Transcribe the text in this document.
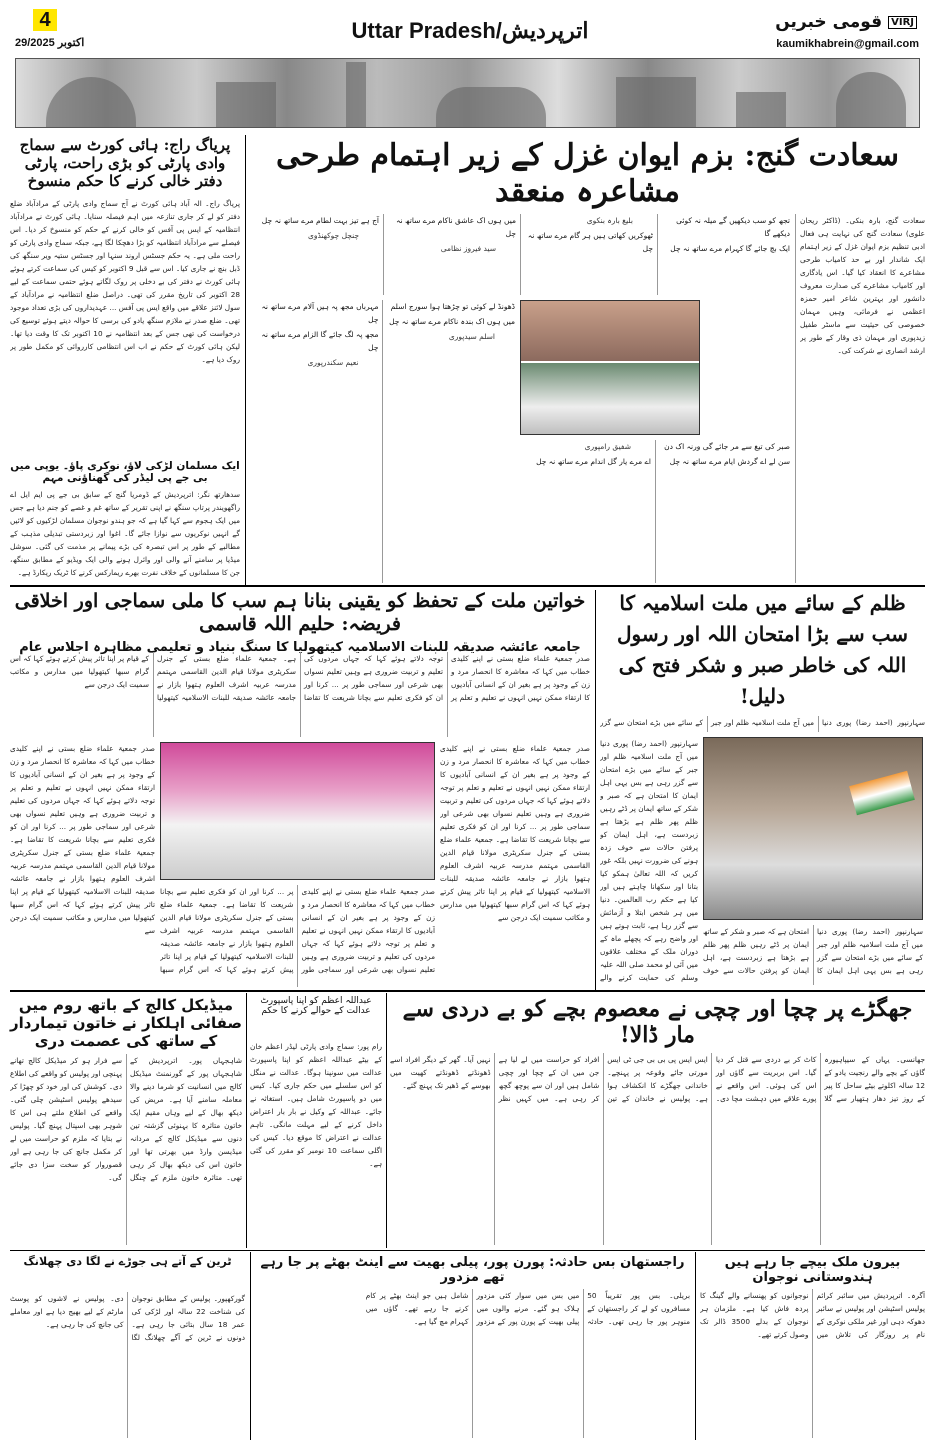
4
29/اکتوبر 2025	Uttar Pradesh/اترپردیش	قومی خبریں VIRJ
kaumikhabrein@gmail.com
پریاگ راج: ہائی کورٹ سے سماج وادی پارٹی کو بڑی راحت، پارٹی دفتر خالی کرنے کا حکم منسوخ
پریاگ راج۔ الہ آباد ہائی کورٹ نے آج سماج وادی پارٹی کے مرادآباد ضلع دفتر کو لے کر جاری تنازعہ میں اہم فیصلہ سنایا۔ ہائی کورٹ نے مرادآباد انتظامیہ کے ایس پی آفس کو خالی کرنے کے حکم کو منسوخ کر دیا۔ اس فیصلے سے مرادآباد انتظامیہ کو بڑا دھچکا لگا ہے، جبکہ سماج وادی پارٹی کو راحت ملی ہے۔ یہ حکم جسٹس اروند سنہا اور جسٹس ستیہ ویر سنگھ کی ڈبل بنچ نے جاری کیا۔ اس سے قبل 9 اکتوبر کو کیس کی سماعت کرتے ہوئے ہائی کورٹ نے دفتر کی بے دخلی پر روک لگاتے ہوئے حتمی سماعت کے لیے 28 اکتوبر کی تاریخ مقرر کی تھی۔ دراصل ضلع انتظامیہ نے مرادآباد کے سول لائنز علاقے میں واقع ایس پی آفس ... عہدیداروں کی بڑی تعداد موجود تھی۔ ضلع صدر نے ملازم سنگھ یادو کی برسی کا حوالہ دیتے ہوئے توسیع کی درخواست کی تھی جس کے بعد انتظامیہ نے 10 اکتوبر تک کا وقت دیا تھا۔ لیکن ہائی کورٹ کے حکم نے اب اس انتظامی کارروائی کو مکمل طور پر روک دیا ہے۔
ایک مسلمان لڑکی لاؤ، نوکری پاؤ۔ یوپی میں بی جے پی لیڈر کی گھناؤنی مہم
سدھارتھ نگر: اترپردیش کے ڈومریا گنج کے سابق بی جے پی ایم ایل اے راگھویندر پرتاپ سنگھ نے اپنی تقریر کے ساتھ غم و غصے کو جنم دیا ہے جس میں ایک ہجوم سے کہا گیا ہے کہ جو ہندو نوجوان مسلمان لڑکیوں کو لائیں گے انہیں نوکریوں سے نوازا جائے گا۔ اغوا اور زبردستی تبدیلی مذہب کے مطالبے کے طور پر اس تبصرہ کی بڑے پیمانے پر مذمت کی گئی۔ سوشل میڈیا پر سامنے آنے والی اور وائرل ہونے والی ایک ویڈیو کے مطابق سنگھ، جن کا مسلمانوں کے خلاف نفرت بھرے ریمارکس کرنے کا ٹریک ریکارڈ ہے۔
سعادت گنج: بزم ایوان غزل کے زیر اہتمام طرحی مشاعرہ منعقد
سعادت گنج، بارہ بنکی۔ (ڈاکٹر ریحان علوی) سعادت گنج کی نہایت ہی فعال ادبی تنظیم بزم ایوان غزل کے زیر اہتمام ایک شاندار اور بے حد کامیاب طرحی مشاعرے کا انعقاد کیا گیا۔ اس یادگاری اور کامیاب مشاعرے کی صدارت معروف دانشور اور بہترین شاعر امیر حمزہ اعظمی نے فرمائی، وہیں مہمان خصوصی کی حیثیت سے ماسٹر طفیل زیدپوری اور مہمان ذی وقار کے طور پر ارشد انصاری نے شرکت کی۔

تجھ کو سب دیکھیں گے میلہ نہ کوئی دیکھے گا

ایک بچ جائے گا کہرام مرے ساتھ نہ چل

بلیغ بارہ بنکوی

ٹھوکریں کھاتی ہیں ہر گام مرے ساتھ نہ چل

میں ہوں اک عاشق ناکام مرے ساتھ نہ چل

سید فیروز نظامی

آج ہے تیز بہت لطام مرے ساتھ نہ چل

چنچل چوکھنڈوی

ڈھونڈ لے کوئی تو چڑھتا ہوا سورج اسلم

میں ہوں اک بندہ ناکام مرے ساتھ نہ چل

اسلم سیدپوری

مہرباں مجھ پہ ہیں آلام مرے ساتھ نہ چل

مجھ پہ لگ جائے گا الزام مرے ساتھ نہ چل

نعیم سکندرپوری

صبر کی تیغ سے مر جائے گی ورنہ اک دن

سن لے اے گردش ایام مرے ساتھ نہ چل

شفیق رامپوری

اے مرے یار گل اندام مرے ساتھ نہ چل

ظلم کے سائے میں ملت اسلامیہ کا سب سے بڑا امتحان اللہ اور رسول اللہ کی خاطر صبر و شکر فتح کی دلیل!
سہارنپور (احمد رضا) پوری دنیا میں آج ملت اسلامیہ ظلم اور جبر کے سائے میں بڑے امتحان سے گزر
سہارنپور (احمد رضا) پوری دنیا میں آج ملت اسلامیہ ظلم اور جبر کے سائے میں بڑے امتحان سے گزر رہی ہے بس یہی اہل ایمان کا امتحان ہے کہ صبر و شکر کے ساتھ ایمان پر ڈٹے رہیں ظلم پھر ظلم ہے بڑھتا ہے زبردست ہے، اہل ایمان کو پرفتن حالات سے خوف زدہ ہونے کی ضرورت نہیں بلکہ غور کریں کہ اللہ تعالیٰ ہمکو کیا بتانا اور سکھانا چاہتے ہیں اور کیا ہے حکم رب العالمین۔ دنیا میں ہر شخص ابتلا و آزمائش سے گزر رہا ہے، ثابت ہوتے ہیں اور واضح رہے کہ پچھلے ماہ کے دوران ملک کے مختلف علاقوں میں آئی لو محمد صلی اللہ علیہ وسلم کی حمایت کرنے والے
سہارنپور (احمد رضا) پوری دنیا میں آج ملت اسلامیہ ظلم اور جبر کے سائے میں بڑے امتحان سے گزر رہی ہے بس یہی اہل ایمان کا امتحان ہے کہ صبر و شکر کے ساتھ ایمان پر ڈٹے رہیں ظلم پھر ظلم ہے بڑھتا ہے زبردست ہے، اہل ایمان کو پرفتن حالات سے خوف
خواتین ملت کے تحفظ کو یقینی بنانا ہم سب کا ملی سماجی اور اخلاقی فریضہ: حلیم اللہ قاسمی
جامعہ عائشہ صدیقہ للبنات الاسلامیہ کیتھولیا کا سنگ بنیاد و تعلیمی مظاہرہ اجلاس عام
صدر جمعیۃ علماء ضلع بستی نے اپنے کلیدی خطاب میں کہا کہ معاشرہ کا انحصار مرد و زن کے وجود پر ہے بغیر ان کے انسانی آبادیوں کا ارتقاء ممکن نہیں انہوں نے تعلیم و تعلم پر توجہ دلاتے ہوئے کہا کہ جہاں مردوں کی تعلیم و تربیت ضروری ہے وہیں تعلیم نسواں بھی شرعی اور سماجی طور پر ... کرنا اور ان کو فکری تعلیم سے بچانا شریعت کا تقاضا ہے۔ جمعیۃ علماء ضلع بستی کے جنرل سکریٹری مولانا قیام الدین القاسمی مہتمم مدرسہ عربیہ اشرف العلوم ہتھوا بازار نے جامعہ عائشہ صدیقہ للبنات الاسلامیہ کیتھولیا کے قیام پر اپنا تاثر پیش کرتے ہوئے کہا کہ اس گرام سبھا کیتھولیا میں مدارس و مکاتب سمیت ایک درجن سے
صدر جمعیۃ علماء ضلع بستی نے اپنے کلیدی خطاب میں کہا کہ معاشرہ کا انحصار مرد و زن کے وجود پر ہے بغیر ان کے انسانی آبادیوں کا ارتقاء ممکن نہیں انہوں نے تعلیم و تعلم پر توجہ دلاتے ہوئے کہا کہ جہاں مردوں کی تعلیم و تربیت ضروری ہے وہیں تعلیم نسواں بھی شرعی اور سماجی طور پر ... کرنا اور ان کو فکری تعلیم سے بچانا شریعت کا تقاضا ہے۔ جمعیۃ علماء ضلع بستی کے جنرل سکریٹری مولانا قیام الدین القاسمی مہتمم مدرسہ عربیہ اشرف العلوم ہتھوا بازار نے جامعہ عائشہ صدیقہ للبنات الاسلامیہ کیتھولیا کے قیام پر اپنا تاثر پیش کرتے ہوئے کہا کہ اس گرام سبھا کیتھولیا میں مدارس و مکاتب سمیت ایک درجن سے
صدر جمعیۃ علماء ضلع بستی نے اپنے کلیدی خطاب میں کہا کہ معاشرہ کا انحصار مرد و زن کے وجود پر ہے بغیر ان کے انسانی آبادیوں کا ارتقاء ممکن نہیں انہوں نے تعلیم و تعلم پر توجہ دلاتے ہوئے کہا کہ جہاں مردوں کی تعلیم و تربیت ضروری ہے وہیں تعلیم نسواں بھی شرعی اور سماجی طور پر ... کرنا اور ان کو فکری تعلیم سے بچانا شریعت کا تقاضا ہے۔ جمعیۃ علماء ضلع بستی کے جنرل سکریٹری مولانا قیام الدین القاسمی مہتمم مدرسہ عربیہ اشرف العلوم ہتھوا بازار نے جامعہ عائشہ صدیقہ للبنات الاسلامیہ کیتھولیا کے قیام پر اپنا تاثر پیش کرتے ہوئے کہا کہ اس گرام سبھا کیتھولیا میں مدارس و مکاتب سمیت ایک درجن سے
صدر جمعیۃ علماء ضلع بستی نے اپنے کلیدی خطاب میں کہا کہ معاشرہ کا انحصار مرد و زن کے وجود پر ہے بغیر ان کے انسانی آبادیوں کا ارتقاء ممکن نہیں انہوں نے تعلیم و تعلم پر توجہ دلاتے ہوئے کہا کہ جہاں مردوں کی تعلیم و تربیت ضروری ہے وہیں تعلیم نسواں بھی شرعی اور سماجی طور پر ... کرنا اور ان کو فکری تعلیم سے بچانا شریعت کا تقاضا ہے۔ جمعیۃ علماء ضلع بستی کے جنرل سکریٹری مولانا قیام الدین القاسمی مہتمم مدرسہ عربیہ اشرف العلوم ہتھوا بازار نے جامعہ عائشہ صدیقہ للبنات الاسلامیہ کیتھولیا کے قیام پر اپنا تاثر پیش کرتے ہوئے کہا کہ اس گرام سبھا
جھگڑے پر چچا اور چچی نے معصوم بچے کو بے دردی سے مار ڈالا!
جھانسی۔ یہاں کے سیپاہیورہ گاؤں کے بچے والے رنجیت یادو کے 12 سالہ اکلوتے بیٹے ساحل کا پیر کے روز تیز دھار ہتھیار سے گلا کاٹ کر بے دردی سے قتل کر دیا گیا۔ اس بربریت سے گاؤں اور اس کی ہوئی۔ اس واقعے نے پورے علاقے میں دہشت مچا دی۔ ایس ایس پی بی بی جی ٹی ایس مورتی جائے وقوعہ پر پہنچے۔ خاندانی جھگڑے کا انکشاف ہوا ہے۔ پولیس نے خاندان کے تین افراد کو حراست میں لے لیا ہے جن میں ان کے چچا اور چچی شامل ہیں اور ان سے پوچھ گچھ کر رہی ہے۔ میں کہیں نظر نہیں آیا۔ گھر کے دیگر افراد اسے ڈھونڈتے ڈھونڈتے کھیت میں بھوسے کے ڈھیر تک پہنچ گئے۔
عبداللہ اعظم کو اپنا پاسپورٹ عدالت کے حوالے کرنے کا حکم
رام پور: سماج وادی پارٹی لیڈر اعظم خان کے بیٹے عبداللہ اعظم کو اپنا پاسپورٹ عدالت میں سونپنا ہوگا۔ عدالت نے منگل کو اس سلسلے میں حکم جاری کیا۔ کیس میں دو پاسپورٹ شامل ہیں۔ استغاثہ نے جائے۔ عبداللہ کے وکیل نے بار بار اعتراض داخل کرنے کے لیے مہلت مانگی۔ تاہم عدالت نے اعتراض کا موقع دیا۔ کیس کی اگلی سماعت 10 نومبر کو مقرر کی گئی ہے۔
میڈیکل کالج کے باتھ روم میں صفائی اہلکار نے خاتون تیماردار کے ساتھ کی عصمت دری
شاہجہاں پور۔ اترپردیش کے شاہجہاں پور کے گورنمنٹ میڈیکل کالج میں انسانیت کو شرما دینے والا معاملہ سامنے آیا ہے۔ مریض کی دیکھ بھال کے لیے وہاں مقیم ایک خاتون متاثرہ کا بہنوئی گزشتہ تین دنوں سے میڈیکل کالج کے مردانہ میڈیسن وارڈ میں بھرتی تھا اور خاتون اس کی دیکھ بھال کر رہی تھی۔ متاثرہ خاتون ملزم کے چنگل سے فرار ہو کر میڈیکل کالج تھانے پہنچی اور پولیس کو واقعے کی اطلاع دی۔ کوشش کی اور خود کو چھڑا کر سیدھے پولیس اسٹیشن چلی گئی۔ واقعے کی اطلاع ملتے ہی اس کا شوہر بھی اسپتال پہنچ گیا۔ پولیس نے بتایا کہ ملزم کو حراست میں لے کر مکمل جانچ کی جا رہی ہے اور قصوروار کو سخت سزا دی جائے گی۔
بیرون ملک بیچے جا رہے ہیں ہندوستانی نوجوان
آگرہ۔ اترپردیش میں سائبر کرائم پولیس اسٹیشن اور پولیس نے سائبر دھوکہ دہی اور غیر ملکی نوکری کے نام پر روزگار کی تلاش میں نوجوانوں کو پھنسانے والے گینگ کا پردہ فاش کیا ہے۔ ملزمان ہر نوجوان کے بدلے 3500 ڈالر تک وصول کرتے تھے۔
راجستھان بس حادثہ: پورن پور، پیلی بھیت سے اینٹ بھٹے پر جا رہے تھے مزدور
بریلی۔ بس پور تقریباً 50 مسافروں کو لے کر راجستھان کے منوہر پور جا رہی تھی۔ حادثہ میں بس میں سوار کئی مزدور ہلاک ہو گئے۔ مرنے والوں میں پیلی بھیت کے پورن پور کے مزدور شامل ہیں جو اینٹ بھٹے پر کام کرنے جا رہے تھے۔ گاؤں میں کہرام مچ گیا ہے۔
ٹرین کے آتے ہی جوڑے نے لگا دی چھلانگ
گورکھپور۔ پولیس کے مطابق نوجوان کی شناخت 22 سالہ اور لڑکی کی عمر 18 سال بتائی جا رہی ہے۔ دونوں نے ٹرین کے آگے چھلانگ لگا دی۔ پولیس نے لاشوں کو پوسٹ مارٹم کے لیے بھیج دیا ہے اور معاملے کی جانچ کی جا رہی ہے۔
